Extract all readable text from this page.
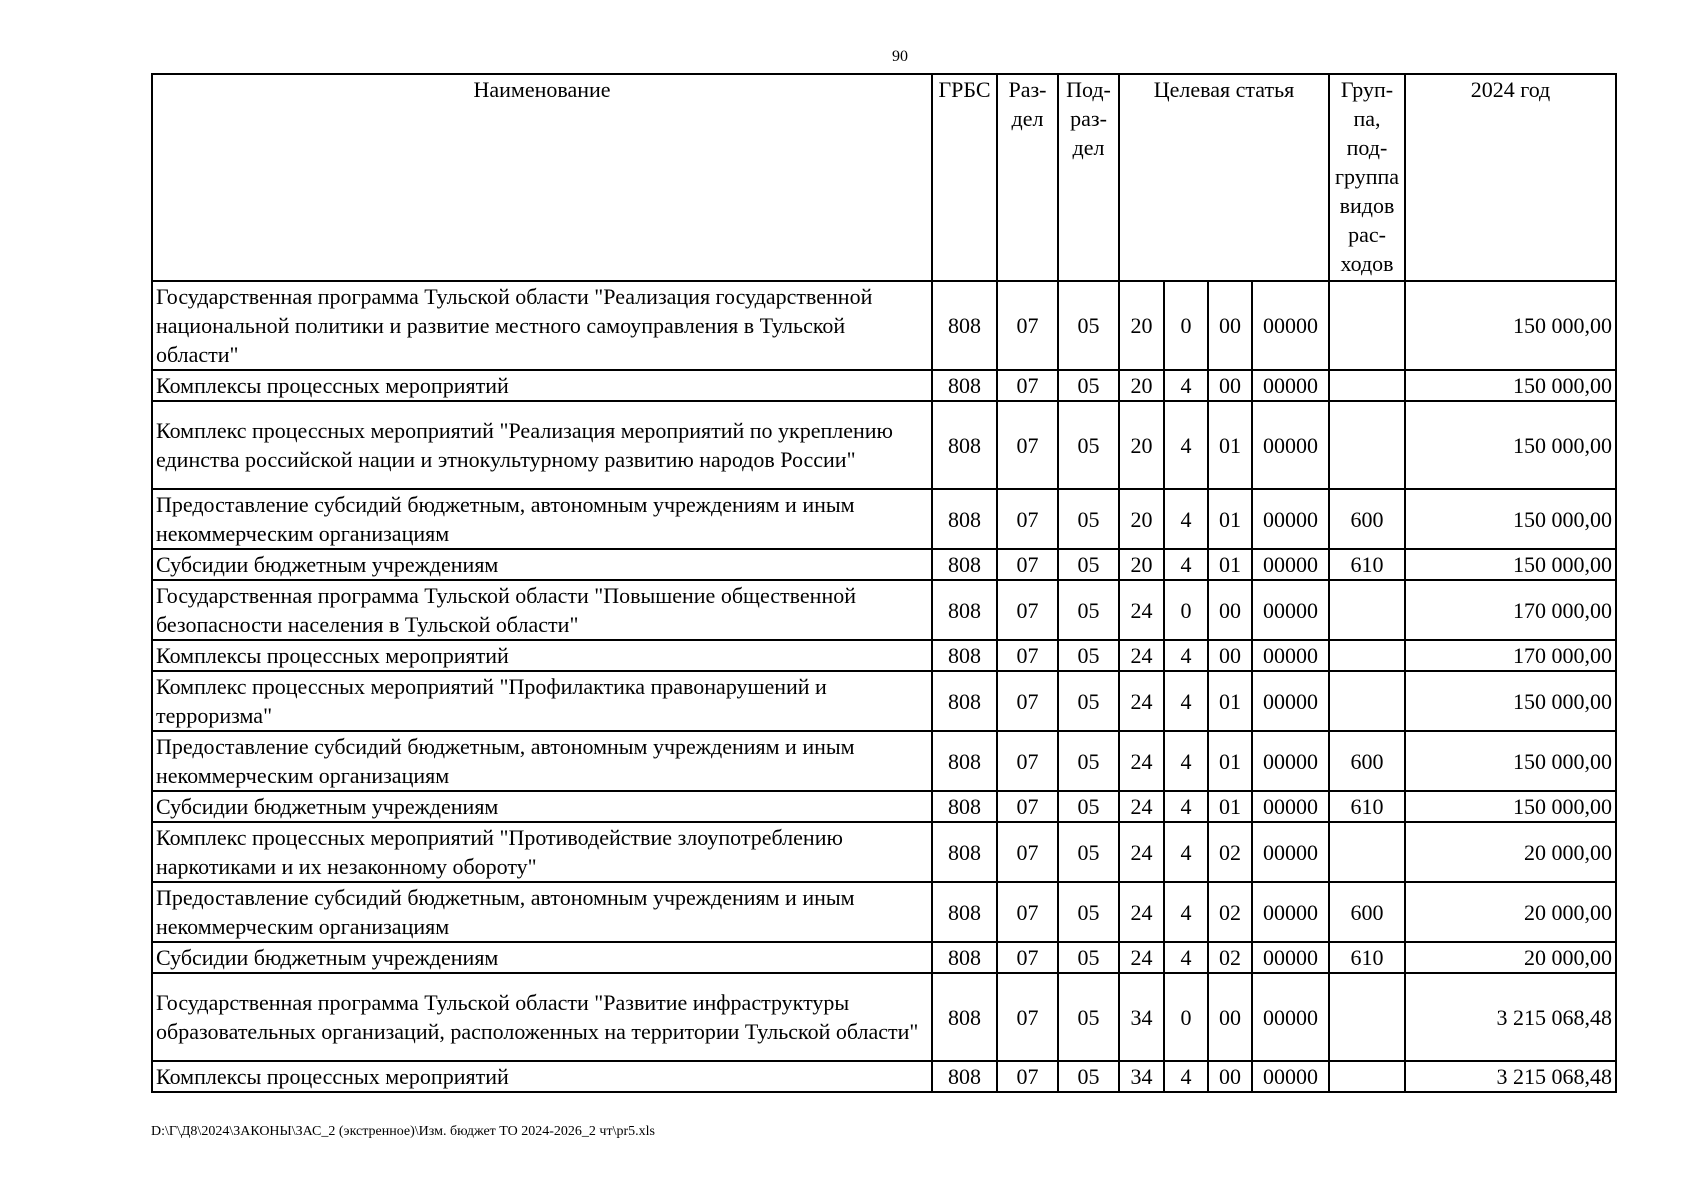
90
Наименование	ГРБС	Раз-дел	Под-раз-дел	Целевая статья				Груп-па, под-группа видов рас-ходов	2024 год
Государственная программа Тульской области "Реализация государственной национальной политики и развитие местного самоуправления в Тульской области"	808	07	05	20	0	00	00000		150 000,00
Комплексы процессных мероприятий	808	07	05	20	4	00	00000		150 000,00
Комплекс процессных мероприятий "Реализация мероприятий по укреплению единства российской нации и этнокультурному развитию народов России"	808	07	05	20	4	01	00000		150 000,00
Предоставление субсидий бюджетным, автономным учреждениям и иным некоммерческим организациям	808	07	05	20	4	01	00000	600	150 000,00
Субсидии бюджетным учреждениям	808	07	05	20	4	01	00000	610	150 000,00
Государственная программа Тульской области "Повышение общественной безопасности населения в Тульской области"	808	07	05	24	0	00	00000		170 000,00
Комплексы процессных мероприятий	808	07	05	24	4	00	00000		170 000,00
Комплекс процессных мероприятий "Профилактика правонарушений и терроризма"	808	07	05	24	4	01	00000		150 000,00
Предоставление субсидий бюджетным, автономным учреждениям и иным некоммерческим организациям	808	07	05	24	4	01	00000	600	150 000,00
Субсидии бюджетным учреждениям	808	07	05	24	4	01	00000	610	150 000,00
Комплекс процессных мероприятий "Противодействие злоупотреблению наркотиками и их незаконному обороту"	808	07	05	24	4	02	00000		20 000,00
Предоставление субсидий бюджетным, автономным учреждениям и иным некоммерческим организациям	808	07	05	24	4	02	00000	600	20 000,00
Субсидии бюджетным учреждениям	808	07	05	24	4	02	00000	610	20 000,00
Государственная программа Тульской области "Развитие инфраструктуры образовательных организаций, расположенных на территории Тульской области"	808	07	05	34	0	00	00000		3 215 068,48
Комплексы процессных мероприятий	808	07	05	34	4	00	00000		3 215 068,48
D:\Г\Д8\2024\ЗАКОНЫ\ЗАС_2 (экстренное)\Изм. бюджет ТО 2024-2026_2 чт\pr5.xls
